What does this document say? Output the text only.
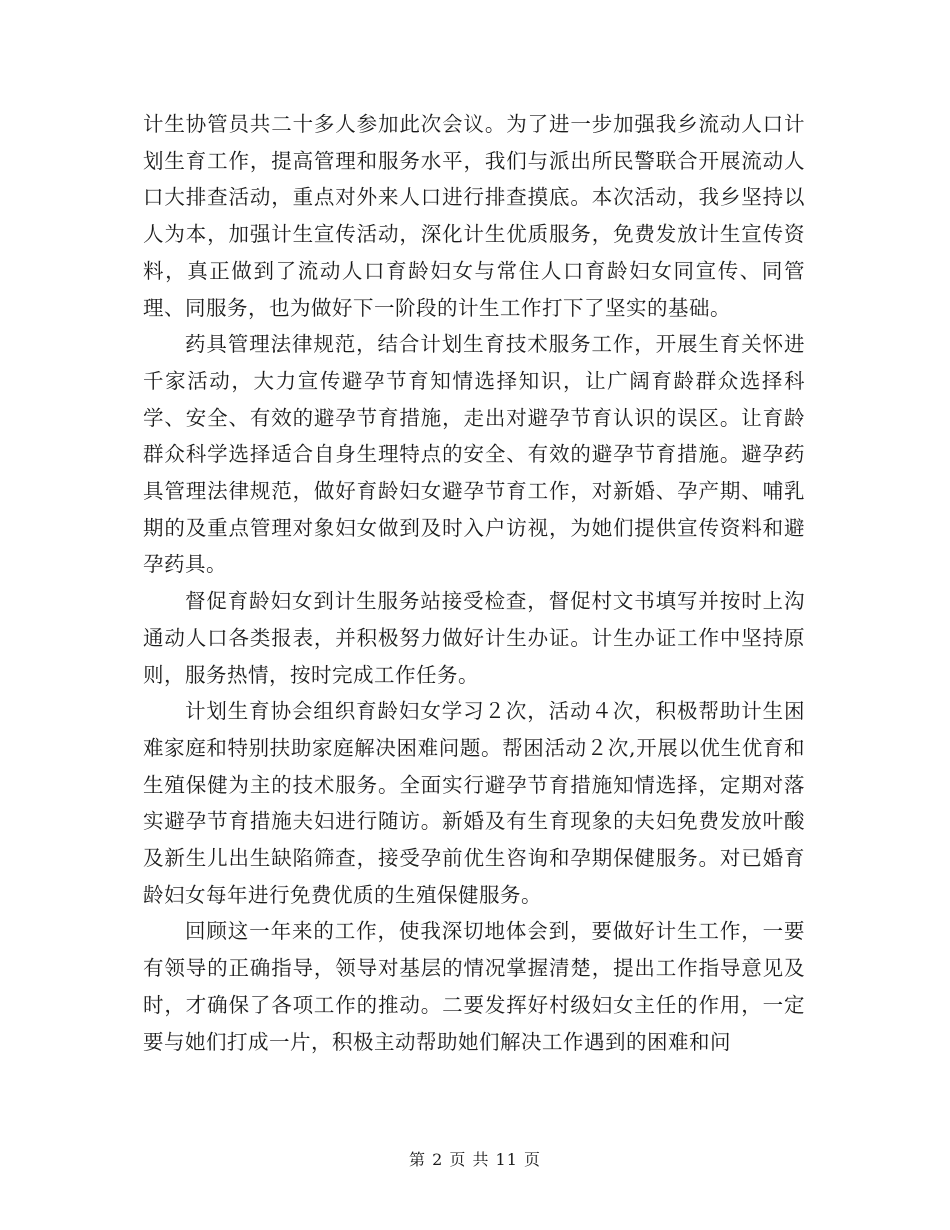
计生协管员共二十多人参加此次会议。为了进一步加强我乡流动人口计划生育工作，提高管理和服务水平，我们与派出所民警联合开展流动人口大排查活动，重点对外来人口进行排查摸底。本次活动，我乡坚持以人为本，加强计生宣传活动，深化计生优质服务，免费发放计生宣传资料，真正做到了流动人口育龄妇女与常住人口育龄妇女同宣传、同管理、同服务，也为做好下一阶段的计生工作打下了坚实的基础。

药具管理法律规范，结合计划生育技术服务工作，开展生育关怀进千家活动，大力宣传避孕节育知情选择知识，让广阔育龄群众选择科学、安全、有效的避孕节育措施，走出对避孕节育认识的误区。让育龄群众科学选择适合自身生理特点的安全、有效的避孕节育措施。避孕药具管理法律规范，做好育龄妇女避孕节育工作，对新婚、孕产期、哺乳期的及重点管理对象妇女做到及时入户访视，为她们提供宣传资料和避孕药具。

督促育龄妇女到计生服务站接受检查，督促村文书填写并按时上沟通动人口各类报表，并积极努力做好计生办证。计生办证工作中坚持原则，服务热情，按时完成工作任务。

计划生育协会组织育龄妇女学习２次，活动４次，积极帮助计生困难家庭和特别扶助家庭解决困难问题。帮困活动２次,开展以优生优育和生殖保健为主的技术服务。全面实行避孕节育措施知情选择，定期对落实避孕节育措施夫妇进行随访。新婚及有生育现象的夫妇免费发放叶酸及新生儿出生缺陷筛查，接受孕前优生咨询和孕期保健服务。对已婚育龄妇女每年进行免费优质的生殖保健服务。

回顾这一年来的工作，使我深切地体会到，要做好计生工作，一要有领导的正确指导，领导对基层的情况掌握清楚，提出工作指导意见及时，才确保了各项工作的推动。二要发挥好村级妇女主任的作用，一定要与她们打成一片，积极主动帮助她们解决工作遇到的困难和问

第 2 页 共 11 页
